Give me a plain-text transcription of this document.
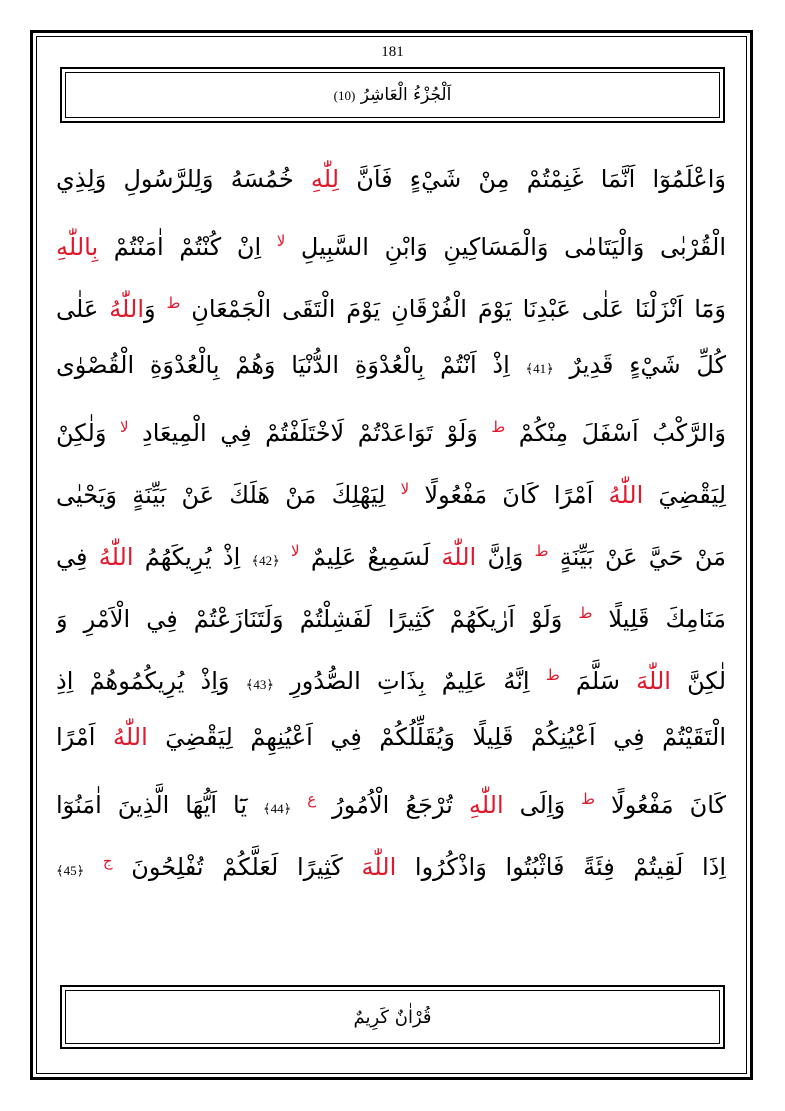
181
اَلْجُزْءُ الْعَاشِرُ (10)
وَاعْلَمُوٓا اَنَّمَا غَنِمْتُمْ مِنْ شَيْءٍ فَاَنَّ لِلّٰهِ خُمُسَهُ وَلِلرَّسُولِ وَلِذِي
الْقُرْبٰى وَالْيَتَامٰى وَالْمَسَاكِينِ وَابْنِ السَّبِيلِ $^{لا}$ اِنْ كُنْتُمْ اٰمَنْتُمْ بِاللّٰهِ
وَمَٓا اَنْزَلْنَا عَلٰى عَبْدِنَا يَوْمَ الْفُرْقَانِ يَوْمَ الْتَقَى الْجَمْعَانِ $^ط$ وَاللّٰهُ عَلٰى
كُلِّ شَيْءٍ قَدِيرٌ ﴿41﴾ اِذْ اَنْتُمْ بِالْعُدْوَةِ الدُّنْيَا وَهُمْ بِالْعُدْوَةِ الْقُصْوٰى
وَالرَّكْبُ اَسْفَلَ مِنْكُمْ $^ط$ وَلَوْ تَوَاعَدْتُمْ لَاخْتَلَفْتُمْ فِي الْمِيعَادِ $^{لا}$ وَلٰكِنْ
لِيَقْضِيَ اللّٰهُ اَمْرًا كَانَ مَفْعُولًا $^{لا}$ لِيَهْلِكَ مَنْ هَلَكَ عَنْ بَيِّنَةٍ وَيَحْيٰى
مَنْ حَيَّ عَنْ بَيِّنَةٍ $^ط$ وَاِنَّ اللّٰهَ لَسَمِيعٌ عَلِيمٌ $^{لا}$ ﴿42﴾ اِذْ يُرِيكَهُمُ اللّٰهُ فِي
مَنَامِكَ قَلِيلًا $^ط$ وَلَوْ اَرٰيكَهُمْ كَثِيرًا لَفَشِلْتُمْ وَلَتَنَازَعْتُمْ فِي الْاَمْرِ وَ
لٰكِنَّ اللّٰهَ سَلَّمَ $^ط$ اِنَّهُ عَلِيمٌ بِذَاتِ الصُّدُورِ ﴿43﴾ وَاِذْ يُرِيكُمُوهُمْ اِذِ
الْتَقَيْتُمْ فِي اَعْيُنِكُمْ قَلِيلًا وَيُقَلِّلُكُمْ فِي اَعْيُنِهِمْ لِيَقْضِيَ اللّٰهُ اَمْرًا
كَانَ مَفْعُولًا $^ط$ وَاِلَى اللّٰهِ تُرْجَعُ الْاُمُورُ $^ع$ ﴿44﴾ يَٓا اَيُّهَا الَّذِينَ اٰمَنُوٓا
اِذَا لَقِيتُمْ فِئَةً فَاثْبُتُوا وَاذْكُرُوا اللّٰهَ كَثِيرًا لَعَلَّكُمْ تُفْلِحُونَ $^ج$ ﴿45﴾
قُرْاٰنٌ كَرِيمٌ
